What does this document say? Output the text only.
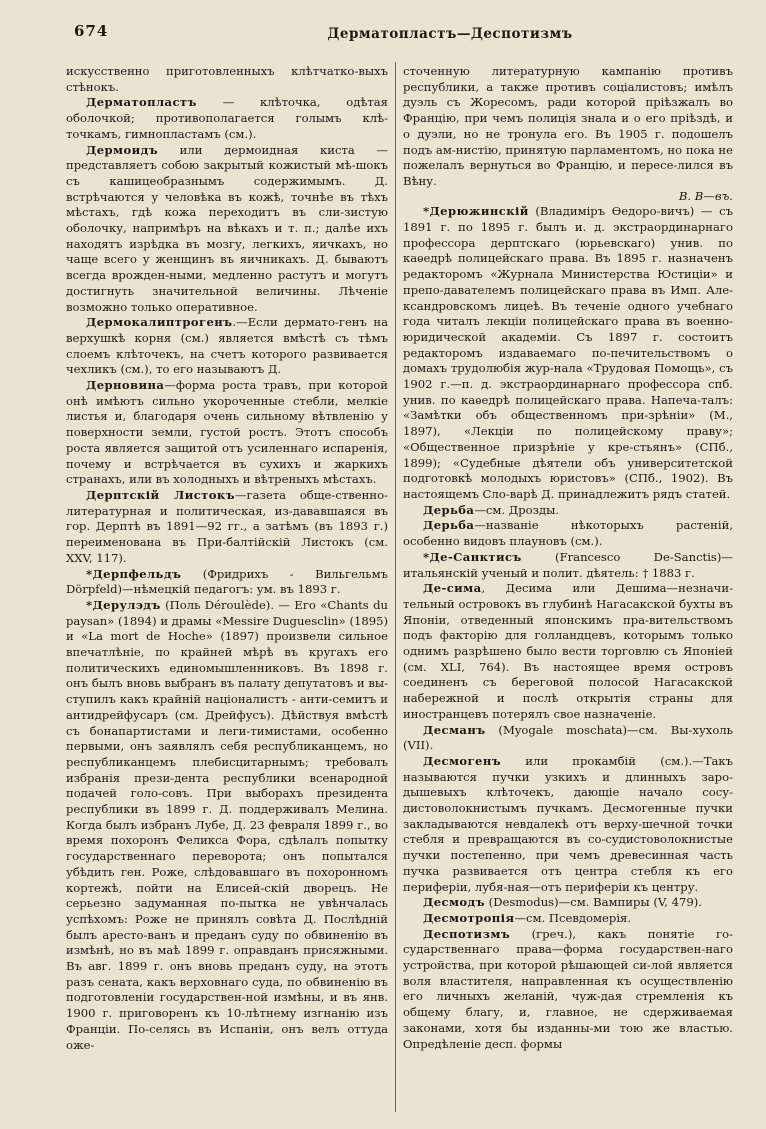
674	Дерматопластъ—Деспотизмъ

искусственно приготовленныхъ клѣтчатко-выхъ стѣнокъ.

Дерматопластъ — клѣточка, одѣтая оболочкой; противополагается голымъ клѣ-точкамъ, гимнопластамъ (см.).

Дермоидъ или дермоидная киста — представляетъ собою закрытый кожистый мѣ-шокъ съ кашицеобразнымъ содержимымъ. Д. встрѣчаются у человѣка въ кожѣ, точнѣе въ тѣхъ мѣстахъ, гдѣ кожа переходитъ въ сли-зистую оболочку, напримѣръ на вѣкахъ и т. п.; далѣе ихъ находятъ изрѣдка въ мозгу, легкихъ, яичкахъ, но чаще всего у женщинъ въ яичникахъ. Д. бываютъ всегда врожден-ными, медленно растутъ и могутъ достигнуть значительной величины. Лѣченіе возможно только оперативное.

Дермокалиптрогенъ.—Если дермато-генъ на верхушкѣ корня (см.) является вмѣстѣ съ тѣмъ слоемъ клѣточекъ, на счетъ которого развивается чехликъ (см.), то его называютъ Д.

Дерновина—форма роста травъ, при которой онѣ имѣютъ сильно укороченные стебли, мелкіе листья и, благодаря очень сильному вѣтвленію у поверхности земли, густой ростъ. Этотъ способъ роста является защитой отъ усиленнаго испаренія, почему и встрѣчается въ сухихъ и жаркихъ странахъ, или въ холодныхъ и вѣтреныхъ мѣстахъ.

Дерптскій Листокъ—газета обще-ственно-литературная и политическая, из-дававшаяся въ гор. Дерптѣ въ 1891—92 гг., а затѣмъ (въ 1893 г.) переименована въ При-балтійскій Листокъ (см. XXV, 117).

*Дерпфельдъ (Фридрихъ - Вильгельмъ Dörpfeld)—нѣмецкій педагогъ: ум. въ 1893 г.

*Дерулэдъ (Поль Déroulède). — Его «Chants du paysan» (1894) и драмы «Messire Duguesclin» (1895) и «La mort de Hoche» (1897) произвели сильное впечатлѣніе, по крайней мѣрѣ въ кругахъ его политическихъ единомышленниковъ. Въ 1898 г. онъ былъ вновь выбранъ въ палату депутатовъ и вы-ступилъ какъ крайній націоналистъ - анти-семитъ и антидрейфусаръ (см. Дрейфусъ). Дѣйствуя вмѣстѣ съ бонапартистами и леги-тимистами, особенно первыми, онъ заявлялъ себя республиканцемъ, но республиканцемъ плебисцитарнымъ; требовалъ избранія прези-дента республики всенародной подачей голо-совъ. При выборахъ президента республики въ 1899 г. Д. поддерживалъ Мелина. Когда былъ избранъ Лубе, Д. 23 февраля 1899 г., во время похоронъ Феликса Фора, сдѣлалъ попытку государственнаго переворота; онъ попытался убѣдить ген. Роже, слѣдовавшаго въ похоронномъ кортежѣ, пойти на Елисей-скій дворецъ. Не серьезно задуманная по-пытка не увѣнчалась успѣхомъ: Роже не принялъ совѣта Д. Послѣдній былъ аресто-ванъ и преданъ суду по обвиненію въ измѣнѣ, но въ маѣ 1899 г. оправданъ присяжными. Въ авг. 1899 г. онъ вновь преданъ суду, на этотъ разъ сената, какъ верховнаго суда, по обвиненію въ подготовленіи государствен-ной измѣны, и въ янв. 1900 г. приговоренъ къ 10-лѣтнему изгнанію изъ Франціи. По-селясь въ Испаніи, онъ велъ оттуда оже-

сточенную литературную кампанію противъ республики, а также противъ соціалистовъ; имѣлъ дуэль съ Жоресомъ, ради которой пріѣзжалъ во Францію, при чемъ полиція знала и о его пріѣздѣ, и о дуэли, но не тронула его. Въ 1905 г. подошелъ подъ ам-нистію, принятую парламентомъ, но пока не пожелалъ вернуться во Францію, и пересе-лился въ Вѣну.
В. В—въ.

*Дерюжинскій (Владиміръ Ѳедоро-вичъ) — съ 1891 г. по 1895 г. былъ и. д. экстраординарнаго профессора дерптскаго (юрьевскаго) унив. по каѳедрѣ полицейскаго права. Въ 1895 г. назначенъ редакторомъ «Журнала Министерства Юстиціи» и препо-давателемъ полицейскаго права въ Имп. Але-ксандровскомъ лицеѣ. Въ теченіе одного учебнаго года читалъ лекціи полицейскаго права въ военно-юридической академіи. Съ 1897 г. состоитъ редакторомъ издаваемаго по-печительствомъ о домахъ трудолюбія жур-нала «Трудовая Помощь», съ 1902 г.—п. д. экстраординарнаго профессора спб. унив. по каѳедрѣ полицейскаго права. Напеча-талъ: «Замѣтки объ общественномъ при-зрѣніи» (М., 1897), «Лекціи по полицейскому праву»; «Общественное призрѣніе у кре-стьянъ» (СПб., 1899); «Судебные дѣятели объ университетской подготовкѣ молодыхъ юристовъ» (СПб., 1902). Въ настоящемъ Сло-варѣ Д. принадлежитъ рядъ статей.

Дерьба—см. Дрозды.

Дерьба—названіе нѣкоторыхъ растеній, особенно видовъ плауновъ (см.).

*Де-Санктисъ (Francesco De-Sanctis)— итальянскій ученый и полит. дѣятель: † 1883 г.

Де-сима, Десима или Дешима—незначи-тельный островокъ въ глубинѣ Нагасакской бухты въ Японіи, отведенный японскимъ пра-вительствомъ подъ факторію для голландцевъ, которымъ только однимъ разрѣшено было вести торговлю съ Японіей (см. XLI, 764). Въ настоящее время островъ соединенъ съ береговой полосой Нагасакской набережной и послѣ открытія страны для иностранцевъ потерялъ свое назначеніе.

Десманъ (Myogale moschata)—см. Вы-хухоль (VII).

Десмогенъ или прокамбій (см.).—Такъ называются пучки узкихъ и длинныхъ заро-дышевыхъ клѣточекъ, дающіе начало сосу-дистоволокнистымъ пучкамъ. Десмогенные пучки закладываются невдалекѣ отъ верху-шечной точки стебля и превращаются въ со-судистоволокнистые пучки постепенно, при чемъ древесинная часть пучка развивается отъ центра стебля къ его периферіи, лубя-ная—отъ периферіи къ центру.

Десмодъ (Desmodus)—см. Вампиры (V, 479).

Десмотропія—см. Псевдомерія.

Деспотизмъ (греч.), какъ понятіе го-сударственнаго права—форма государствен-наго устройства, при которой рѣшающей си-лой является воля властителя, направленная къ осуществленію его личныхъ желаній, чуж-дая стремленія къ общему благу, и, главное, не сдерживаемая законами, хотя бы изданны-ми тою же властью. Опредѣленіе десп. формы
